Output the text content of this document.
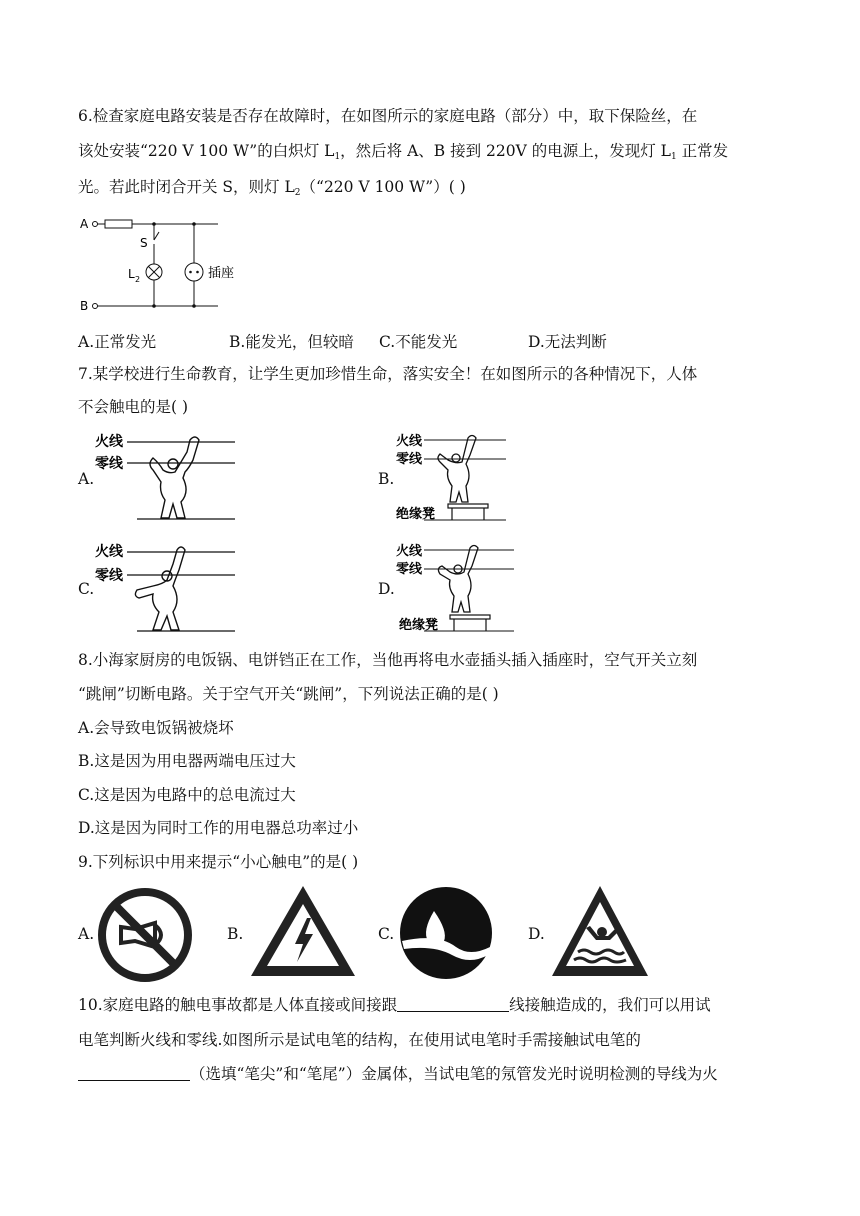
6.检查家庭电路安装是否存在故障时，在如图所示的家庭电路（部分）中，取下保险丝，在
该处安装“220 V 100 W”的白炽灯 $L_1$，然后将 A、B 接到 220V 的电源上，发现灯 $L_1$ 正常发
光。若此时闭合开关 S，则灯 $L_2(“220$ V 100 W”）( )
A
B
S
L 2	插座
A.正常发光	B.能发光，但较暗 C.不能发光	D.无法判断
7.某学校进行生命教育，让学生更加珍惜生命，落实安全！在如图所示的各种情况下，人体
不会触电的是( )
A.
火线
零线
B.
火线
零线
绝缘凳
C.
火线
零线
D.
火线
零线
绝缘凳
8.小海家厨房的电饭锅、电饼铛正在工作，当他再将电水壶插头插入插座时，空气开关立刻
“跳闸”切断电路。关于空气开关“跳闸”，下列说法正确的是( )
A.会导致电饭锅被烧坏
B.这是因为用电器两端电压过大
C.这是因为电路中的总电流过大
D.这是因为同时工作的用电器总功率过小
9.下列标识中用来提示“小心触电”的是( )
A.	B.	C.	D.
10.家庭电路的触电事故都是人体直接或间接跟	线接触造成的，我们可以用试
电笔判断火线和零线.如图所示是试电笔的结构，在使用试电笔时手需接触试电笔的
（选填“笔尖”和“笔尾”）金属体，当试电笔的氖管发光时说明检测的导线为火
